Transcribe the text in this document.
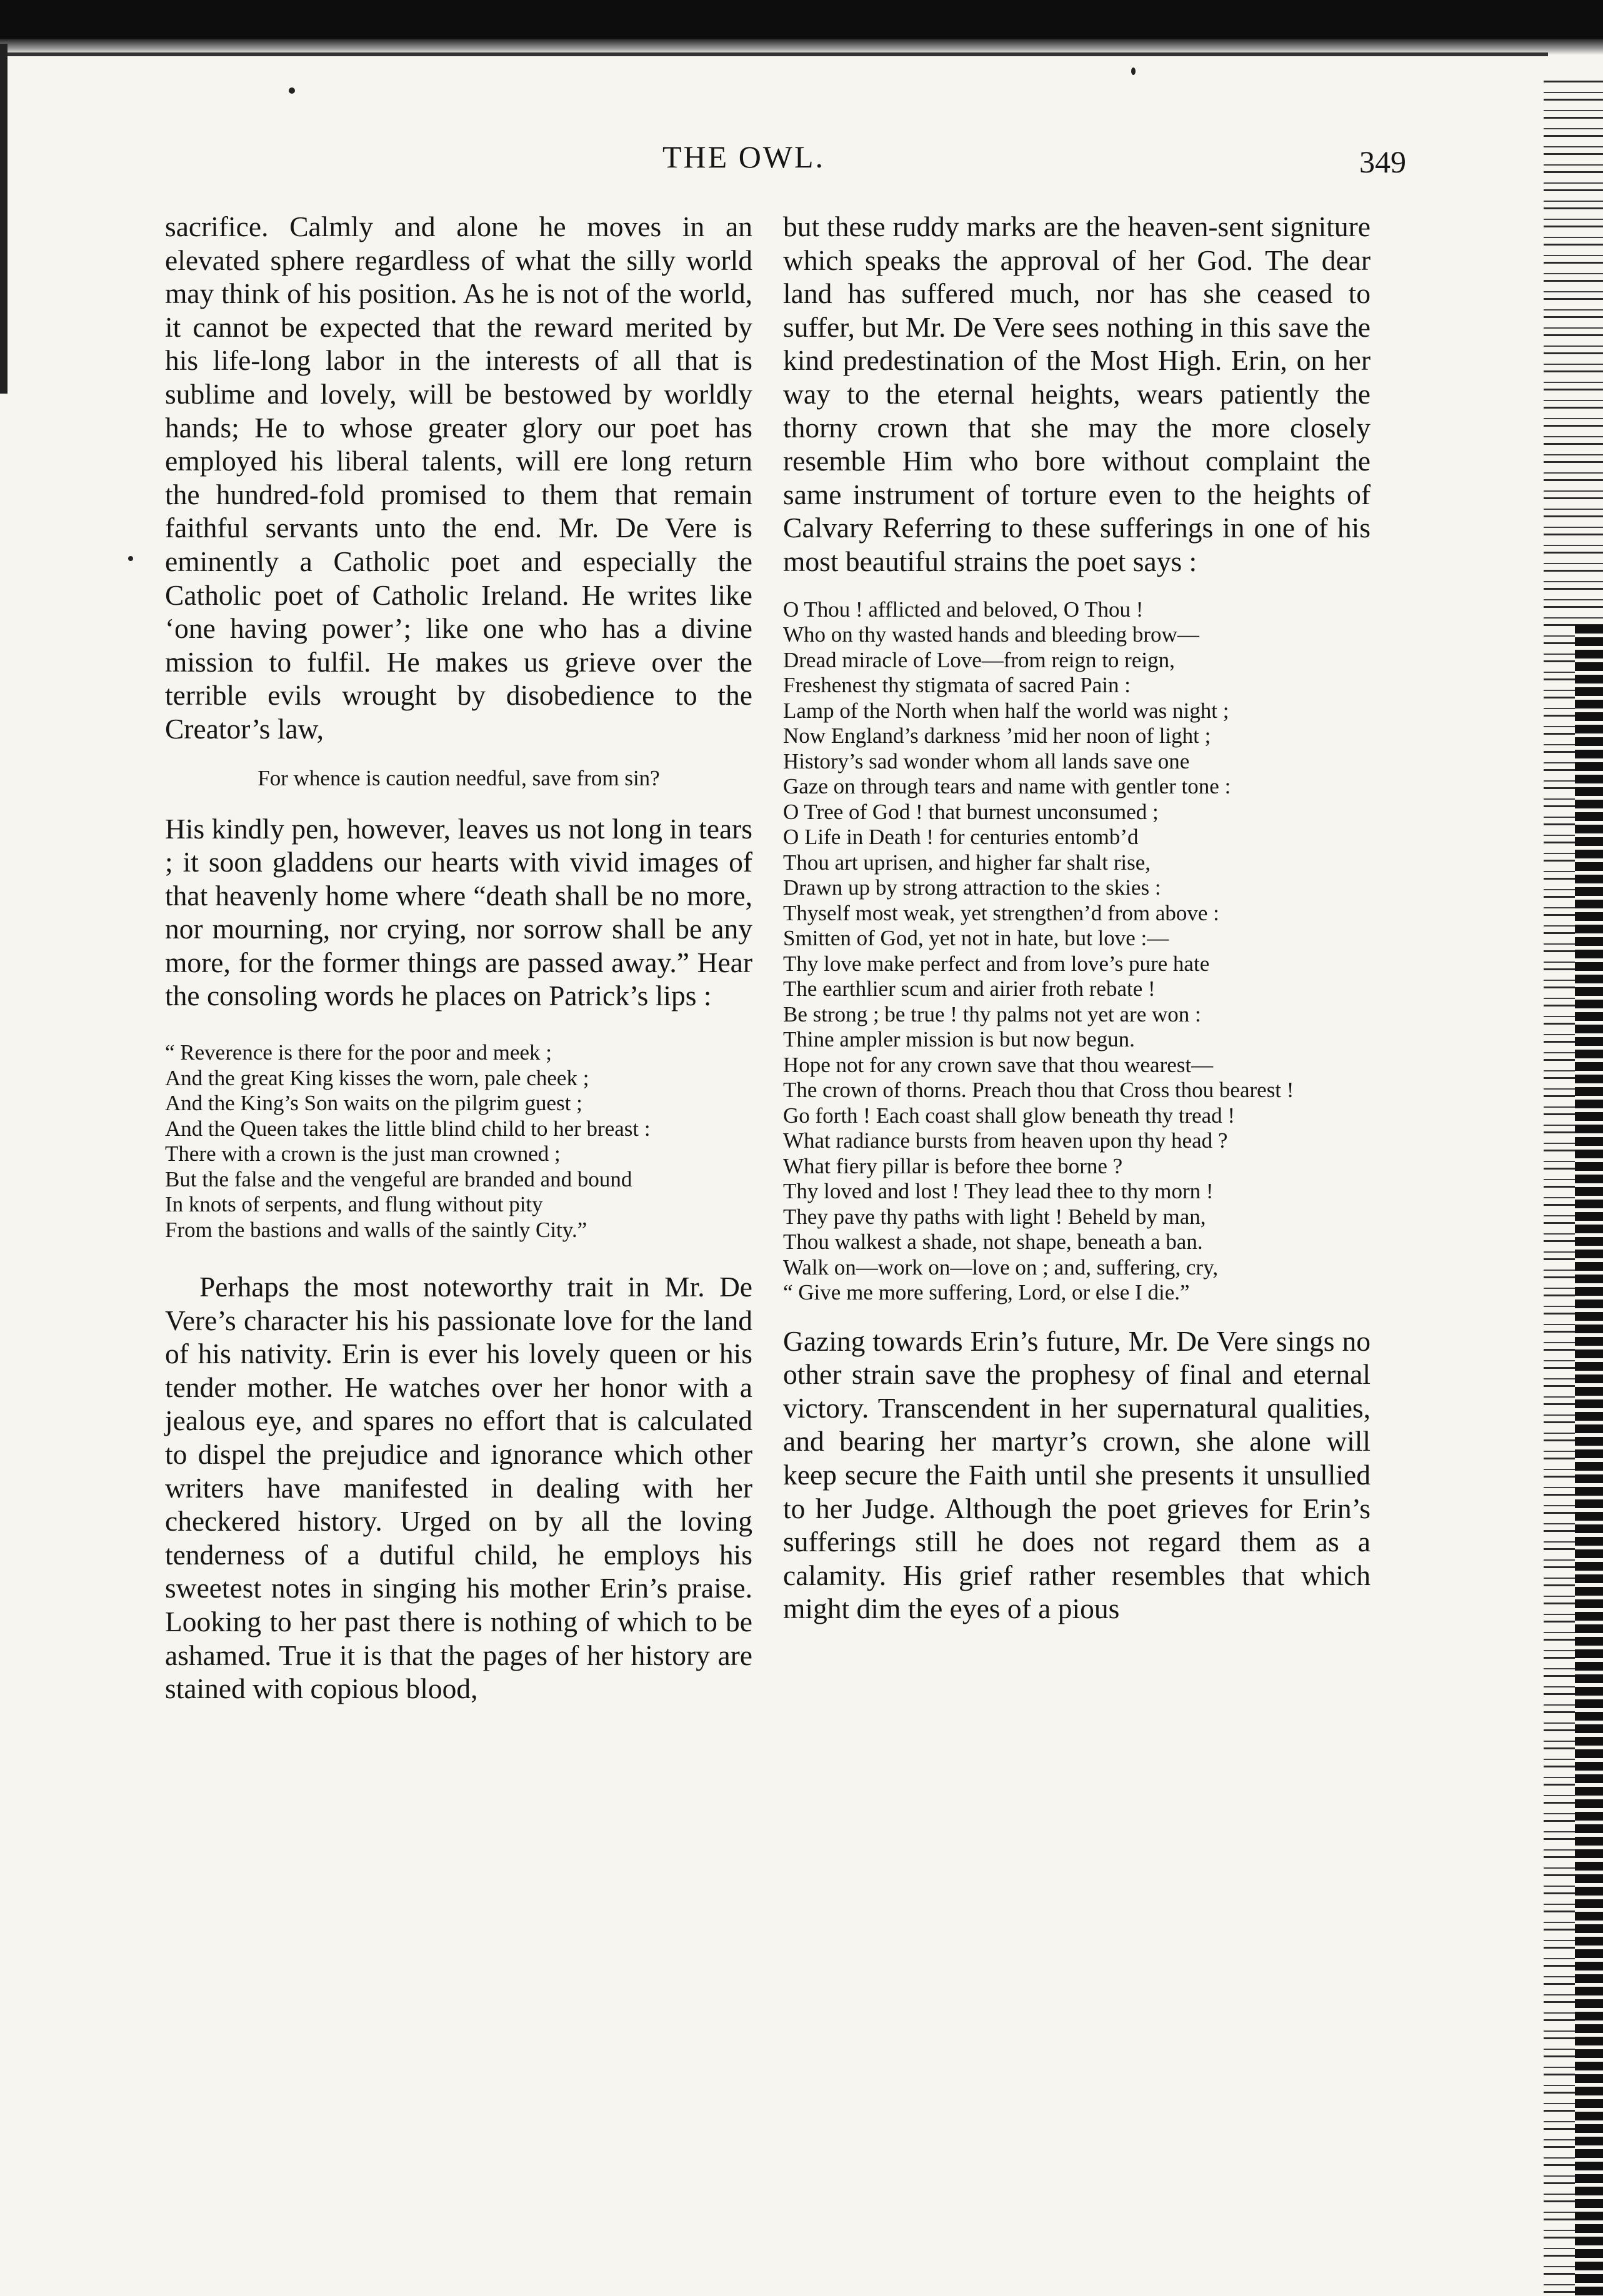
THE OWL.	349

sacrifice. Calmly and alone he moves in an elevated sphere regardless of what the silly world may think of his position. As he is not of the world, it cannot be expected that the reward merited by his life-long labor in the interests of all that is sublime and lovely, will be bestowed by worldly hands; He to whose greater glory our poet has employed his liberal talents, will ere long return the hundred-fold promised to them that remain faithful servants unto the end. Mr. De Vere is eminently a Catholic poet and especially the Catholic poet of Catholic Ireland. He writes like ‘one having power’; like one who has a divine mission to fulfil. He makes us grieve over the terrible evils wrought by disobedience to the Creator’s law,

For whence is caution needful, save from sin?

His kindly pen, however, leaves us not long in tears ; it soon gladdens our hearts with vivid images of that heavenly home where “death shall be no more, nor mourning, nor crying, nor sorrow shall be any more, for the former things are passed away.” Hear the consoling words he places on Patrick’s lips :

“ Reverence is there for the poor and meek ;
And the great King kisses the worn, pale cheek ;
And the King’s Son waits on the pilgrim guest ;
And the Queen takes the little blind child to her breast :
There with a crown is the just man crowned ;
But the false and the vengeful are branded and bound
In knots of serpents, and flung without pity
From the bastions and walls of the saintly City.”

Perhaps the most noteworthy trait in Mr. De Vere’s character his his passionate love for the land of his nativity. Erin is ever his lovely queen or his tender mother. He watches over her honor with a jealous eye, and spares no effort that is calculated to dispel the prejudice and ignorance which other writers have manifested in dealing with her checkered history. Urged on by all the loving tenderness of a dutiful child, he employs his sweetest notes in singing his mother Erin’s praise. Looking to her past there is nothing of which to be ashamed. True it is that the pages of her history are stained with copious blood,

but these ruddy marks are the heaven-sent signiture which speaks the approval of her God. The dear land has suffered much, nor has she ceased to suffer, but Mr. De Vere sees nothing in this save the kind predestination of the Most High. Erin, on her way to the eternal heights, wears patiently the thorny crown that she may the more closely resemble Him who bore without complaint the same instrument of torture even to the heights of Calvary Referring to these sufferings in one of his most beautiful strains the poet says :

O Thou ! afflicted and beloved, O Thou !
Who on thy wasted hands and bleeding brow—
Dread miracle of Love—from reign to reign,
Freshenest thy stigmata of sacred Pain :
Lamp of the North when half the world was night ;
Now England’s darkness ’mid her noon of light ;
History’s sad wonder whom all lands save one
Gaze on through tears and name with gentler tone :
O Tree of God ! that burnest unconsumed ;
O Life in Death ! for centuries entomb’d
Thou art uprisen, and higher far shalt rise,
Drawn up by strong attraction to the skies :
Thyself most weak, yet strengthen’d from above :
Smitten of God, yet not in hate, but love :—
Thy love make perfect and from love’s pure hate
The earthlier scum and airier froth rebate !
Be strong ; be true ! thy palms not yet are won :
Thine ampler mission is but now begun.
Hope not for any crown save that thou wearest—
The crown of thorns. Preach thou that Cross thou bearest !
Go forth ! Each coast shall glow beneath thy tread !
What radiance bursts from heaven upon thy head ?
What fiery pillar is before thee borne ?
Thy loved and lost ! They lead thee to thy morn !
They pave thy paths with light ! Beheld by man,
Thou walkest a shade, not shape, beneath a ban.
Walk on—work on—love on ; and, suffering, cry,
“ Give me more suffering, Lord, or else I die.”

Gazing towards Erin’s future, Mr. De Vere sings no other strain save the prophesy of final and eternal victory. Transcendent in her supernatural qualities, and bearing her martyr’s crown, she alone will keep secure the Faith until she presents it unsullied to her Judge. Although the poet grieves for Erin’s sufferings still he does not regard them as a calamity. His grief rather resembles that which might dim the eyes of a pious
